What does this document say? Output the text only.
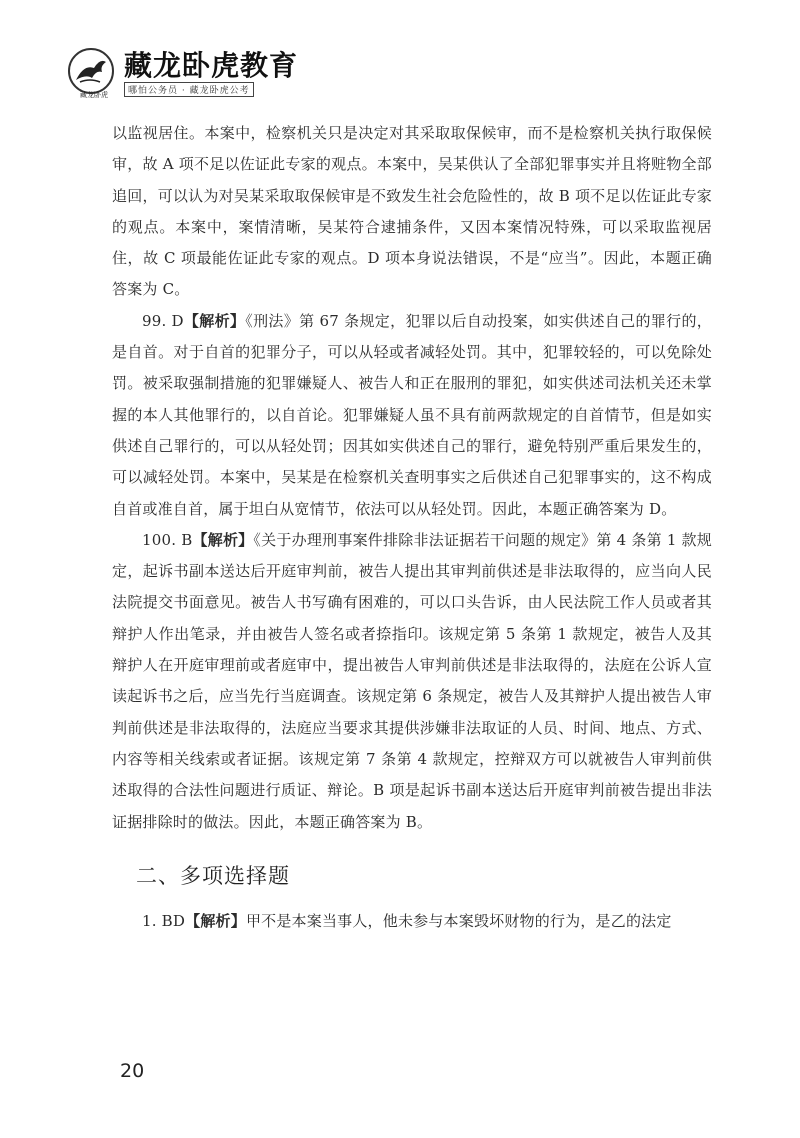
藏龙卧虎
藏龙卧虎教育
哪怕公务员 · 藏龙卧虎公考

以监视居住。本案中，检察机关只是决定对其采取取保候审，而不是检察机关执行取保候审，故 A 项不足以佐证此专家的观点。本案中，吴某供认了全部犯罪事实并且将赃物全部追回，可以认为对吴某采取取保候审是不致发生社会危险性的，故 B 项不足以佐证此专家的观点。本案中，案情清晰，吴某符合逮捕条件，又因本案情况特殊，可以采取监视居住，故 C 项最能佐证此专家的观点。D 项本身说法错误，不是“应当”。因此，本题正确答案为 C。

99. D【解析】《刑法》第 67 条规定，犯罪以后自动投案，如实供述自己的罪行的，是自首。对于自首的犯罪分子，可以从轻或者减轻处罚。其中，犯罪较轻的，可以免除处罚。被采取强制措施的犯罪嫌疑人、被告人和正在服刑的罪犯，如实供述司法机关还未掌握的本人其他罪行的，以自首论。犯罪嫌疑人虽不具有前两款规定的自首情节，但是如实供述自己罪行的，可以从轻处罚；因其如实供述自己的罪行，避免特别严重后果发生的，可以减轻处罚。本案中，吴某是在检察机关查明事实之后供述自己犯罪事实的，这不构成自首或准自首，属于坦白从宽情节，依法可以从轻处罚。因此，本题正确答案为 D。

100. B【解析】《关于办理刑事案件排除非法证据若干问题的规定》第 4 条第 1 款规定，起诉书副本送达后开庭审判前，被告人提出其审判前供述是非法取得的，应当向人民法院提交书面意见。被告人书写确有困难的，可以口头告诉，由人民法院工作人员或者其辩护人作出笔录，并由被告人签名或者捺指印。该规定第 5 条第 1 款规定，被告人及其辩护人在开庭审理前或者庭审中，提出被告人审判前供述是非法取得的，法庭在公诉人宣读起诉书之后，应当先行当庭调查。该规定第 6 条规定，被告人及其辩护人提出被告人审判前供述是非法取得的，法庭应当要求其提供涉嫌非法取证的人员、时间、地点、方式、内容等相关线索或者证据。该规定第 7 条第 4 款规定，控辩双方可以就被告人审判前供述取得的合法性问题进行质证、辩论。B 项是起诉书副本送达后开庭审判前被告提出非法证据排除时的做法。因此，本题正确答案为 B。

二、多项选择题

1. BD【解析】甲不是本案当事人，他未参与本案毁坏财物的行为，是乙的法定

20
